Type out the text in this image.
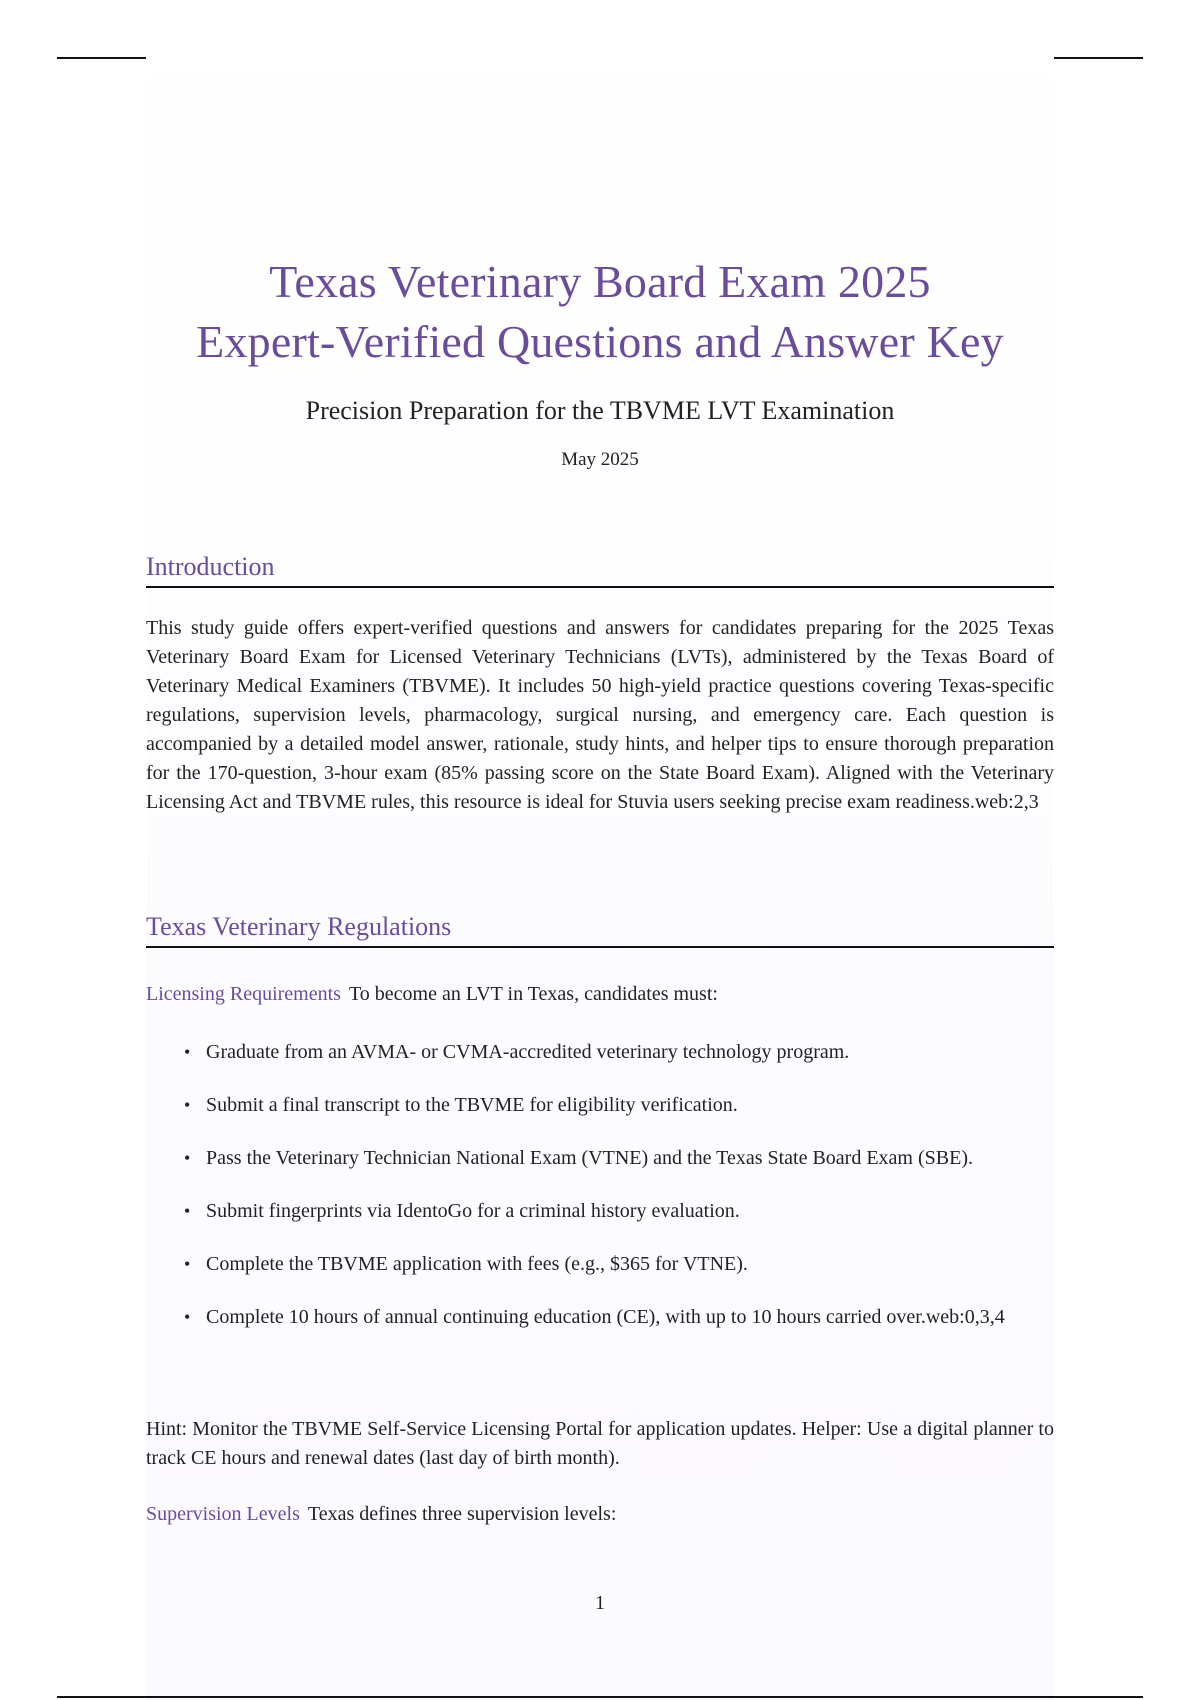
Texas Veterinary Board Exam 2025
Expert-Verified Questions and Answer Key
Precision Preparation for the TBVME LVT Examination
May 2025
Introduction
This study guide offers expert-verified questions and answers for candidates preparing for the 2025 Texas Veterinary Board Exam for Licensed Veterinary Technicians (LVTs), administered by the Texas Board of Veterinary Medical Examiners (TBVME). It includes 50 high-yield practice questions covering Texas-specific regulations, supervision levels, pharmacology, surgical nursing, and emergency care. Each question is accompanied by a detailed model answer, rationale, study hints, and helper tips to ensure thorough preparation for the 170-question, 3-hour exam (85% passing score on the State Board Exam). Aligned with the Veterinary Licensing Act and TBVME rules, this resource is ideal for Stuvia users seeking precise exam readiness.web:2,3
Texas Veterinary Regulations
Licensing Requirements To become an LVT in Texas, candidates must:
• Graduate from an AVMA- or CVMA-accredited veterinary technology program.
• Submit a final transcript to the TBVME for eligibility verification.
• Pass the Veterinary Technician National Exam (VTNE) and the Texas State Board Exam (SBE).
• Submit fingerprints via IdentoGo for a criminal history evaluation.
• Complete the TBVME application with fees (e.g., $365 for VTNE).
• Complete 10 hours of annual continuing education (CE), with up to 10 hours carried over.web:0,3,4
Hint: Monitor the TBVME Self-Service Licensing Portal for application updates. Helper: Use a digital planner to track CE hours and renewal dates (last day of birth month).
Supervision Levels Texas defines three supervision levels:
1
